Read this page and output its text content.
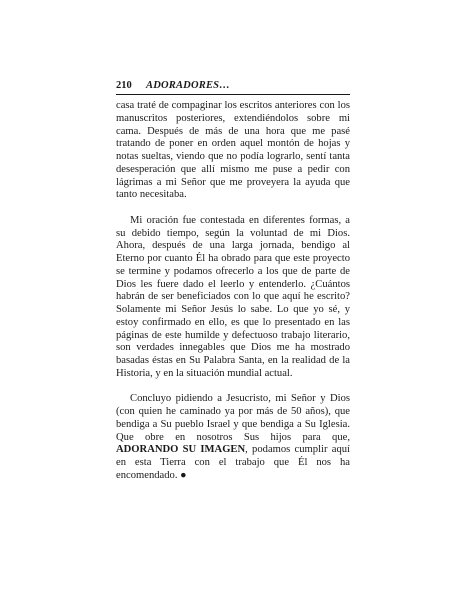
210 ADORADORES…

casa traté de compaginar los escritos anteriores con los manuscritos posteriores, extendiéndolos sobre mi cama. Después de más de una hora que me pasé tratando de poner en orden aquel montón de hojas y notas sueltas, viendo que no podía lograrlo, sentí tanta desesperación que allí mismo me puse a pedir con lágrimas a mi Señor que me proveyera la ayuda que tanto necesitaba.

Mi oración fue contestada en diferentes formas, a su debido tiempo, según la voluntad de mi Dios. Ahora, después de una larga jornada, bendigo al Eterno por cuanto Él ha obrado para que este proyecto se termine y podamos ofrecerlo a los que de parte de Dios les fuere dado el leerlo y entenderlo. ¿Cuántos habrán de ser beneficiados con lo que aquí he escrito? Solamente mi Señor Jesús lo sabe. Lo que yo sé, y estoy confirmado en ello, es que lo presentado en las páginas de este humilde y defectuoso trabajo literario, son verdades innegables que Dios me ha mostrado basadas éstas en Su Palabra Santa, en la realidad de la Historia, y en la situación mundial actual.

Concluyo pidiendo a Jesucristo, mi Señor y Dios (con quien he caminado ya por más de 50 años), que bendiga a Su pueblo Israel y que bendiga a Su Iglesia. Que obre en nosotros Sus hijos para que, ADORANDO SU IMAGEN, podamos cumplir aquí en esta Tierra con el trabajo que Él nos ha encomendado. ●
